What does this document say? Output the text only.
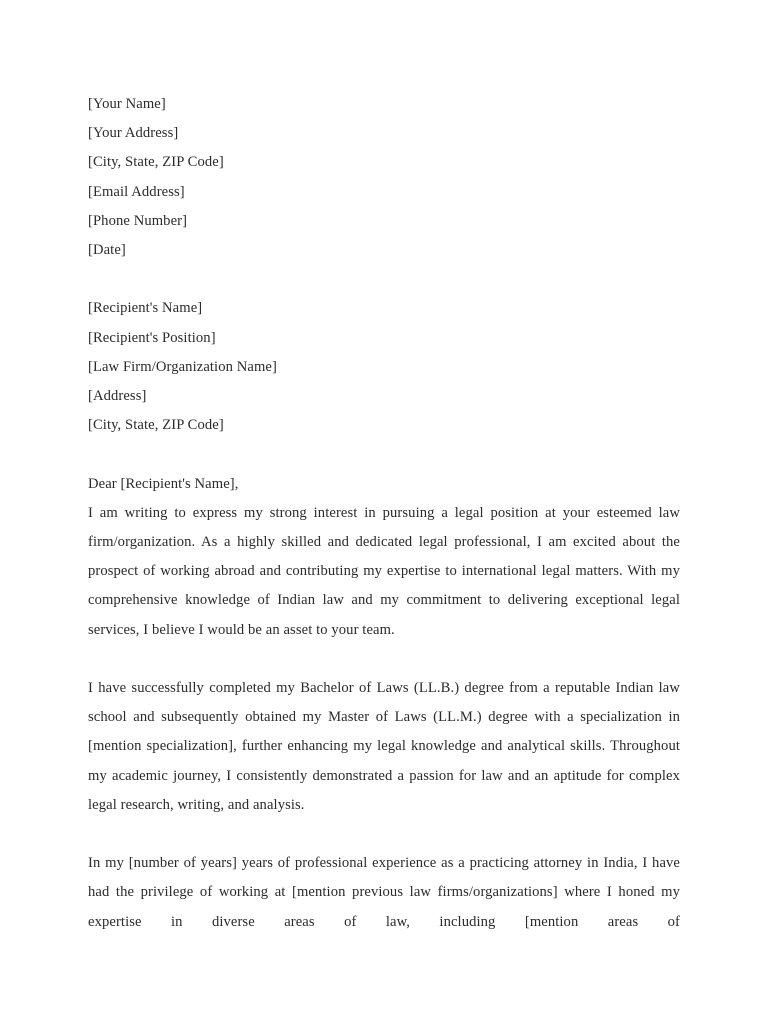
[Your Name]
[Your Address]
[City, State, ZIP Code]
[Email Address]
[Phone Number]
[Date]
[Recipient's Name]
[Recipient's Position]
[Law Firm/Organization Name]
[Address]
[City, State, ZIP Code]
Dear [Recipient's Name],

I am writing to express my strong interest in pursuing a legal position at your esteemed law firm/organization. As a highly skilled and dedicated legal professional, I am excited about the prospect of working abroad and contributing my expertise to international legal matters. With my comprehensive knowledge of Indian law and my commitment to delivering exceptional legal services, I believe I would be an asset to your team.

I have successfully completed my Bachelor of Laws (LL.B.) degree from a reputable Indian law school and subsequently obtained my Master of Laws (LL.M.) degree with a specialization in [mention specialization], further enhancing my legal knowledge and analytical skills. Throughout my academic journey, I consistently demonstrated a passion for law and an aptitude for complex legal research, writing, and analysis.

In my [number of years] years of professional experience as a practicing attorney in India, I have had the privilege of working at [mention previous law firms/organizations] where I honed my expertise in diverse areas of law, including [mention areas of
